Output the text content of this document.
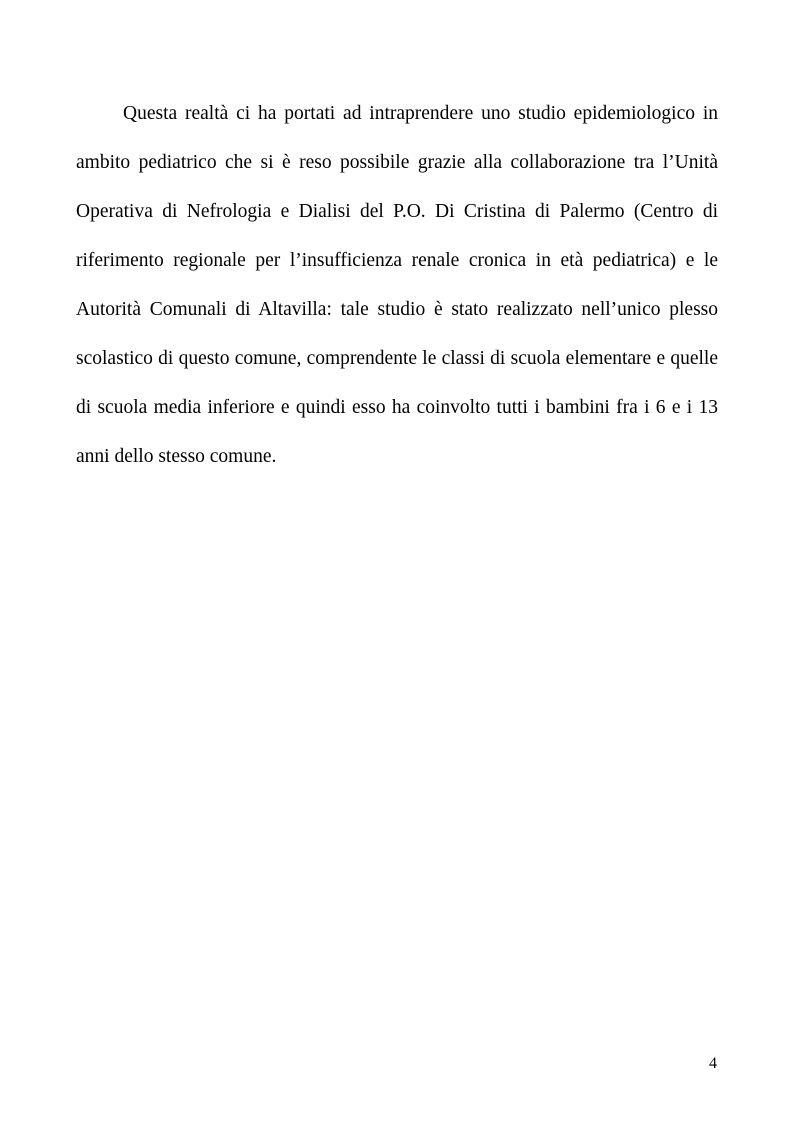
Questa realtà ci ha portati ad intraprendere uno studio epidemiologico in ambito pediatrico che si è reso possibile grazie alla collaborazione tra l’Unità Operativa di Nefrologia e Dialisi del P.O. Di Cristina di Palermo (Centro di riferimento regionale per l’insufficienza renale cronica in età pediatrica) e le Autorità Comunali di Altavilla: tale studio è stato realizzato nell’unico plesso scolastico di questo comune, comprendente le classi di scuola elementare e quelle di scuola media inferiore e quindi esso ha coinvolto tutti i bambini fra i 6 e i 13 anni dello stesso comune.

4
